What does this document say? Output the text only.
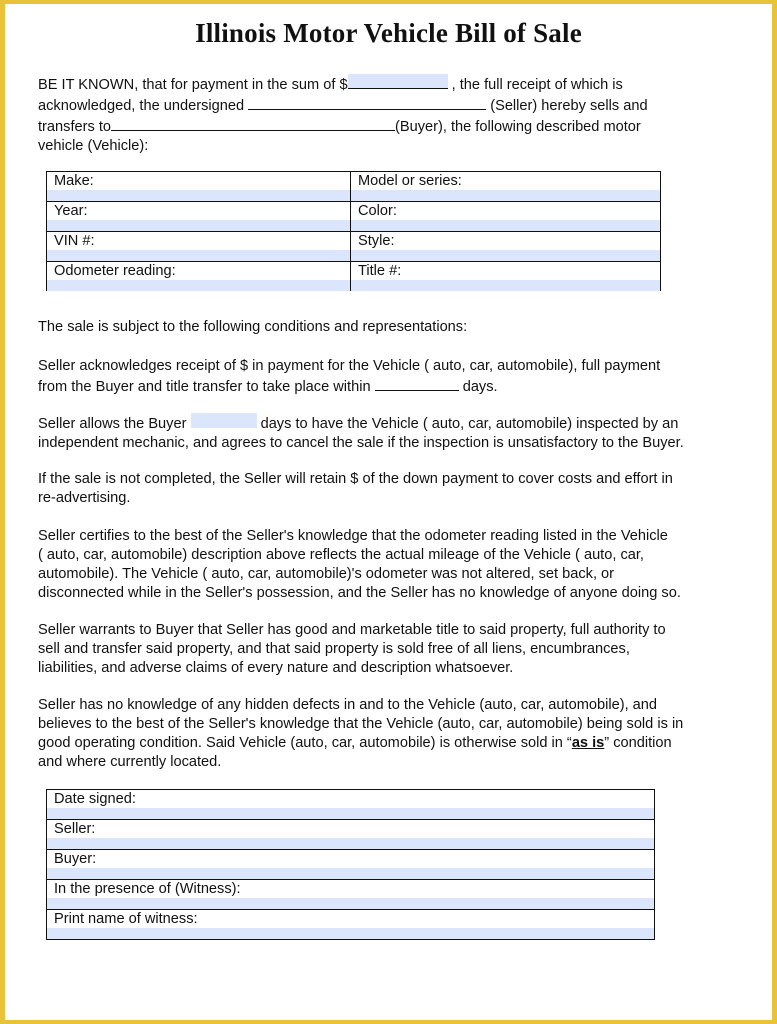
Illinois Motor Vehicle Bill of Sale
BE IT KNOWN, that for payment in the sum of $	, the full receipt of which is
acknowledged, the undersigned	(Seller) hereby sells and
transfers to	(Buyer), the following described motor
vehicle (Vehicle):
Make:	Model or series:

Year:	Color:

VIN #:	Style:

Odometer reading:	Title #:
The sale is subject to the following conditions and representations:
Seller acknowledges receipt of $ in payment for the Vehicle ( auto, car, automobile), full payment
from the Buyer and title transfer to take place within	days.
Seller allows the Buyer	days to have the Vehicle ( auto, car, automobile) inspected by an
independent mechanic, and agrees to cancel the sale if the inspection is unsatisfactory to the Buyer.
If the sale is not completed, the Seller will retain $ of the down payment to cover costs and effort in
re-advertising.
Seller certifies to the best of the Seller's knowledge that the odometer reading listed in the Vehicle
( auto, car, automobile) description above reflects the actual mileage of the Vehicle ( auto, car,
automobile). The Vehicle ( auto, car, automobile)'s odometer was not altered, set back, or
disconnected while in the Seller's possession, and the Seller has no knowledge of anyone doing so.
Seller warrants to Buyer that Seller has good and marketable title to said property, full authority to
sell and transfer said property, and that said property is sold free of all liens, encumbrances,
liabilities, and adverse claims of every nature and description whatsoever.
Seller has no knowledge of any hidden defects in and to the Vehicle (auto, car, automobile), and
believes to the best of the Seller's knowledge that the Vehicle (auto, car, automobile) being sold is in
good operating condition. Said Vehicle (auto, car, automobile) is otherwise sold in “as is” condition
and where currently located.
Date signed:

Seller:

Buyer:

In the presence of (Witness):

Print name of witness:
